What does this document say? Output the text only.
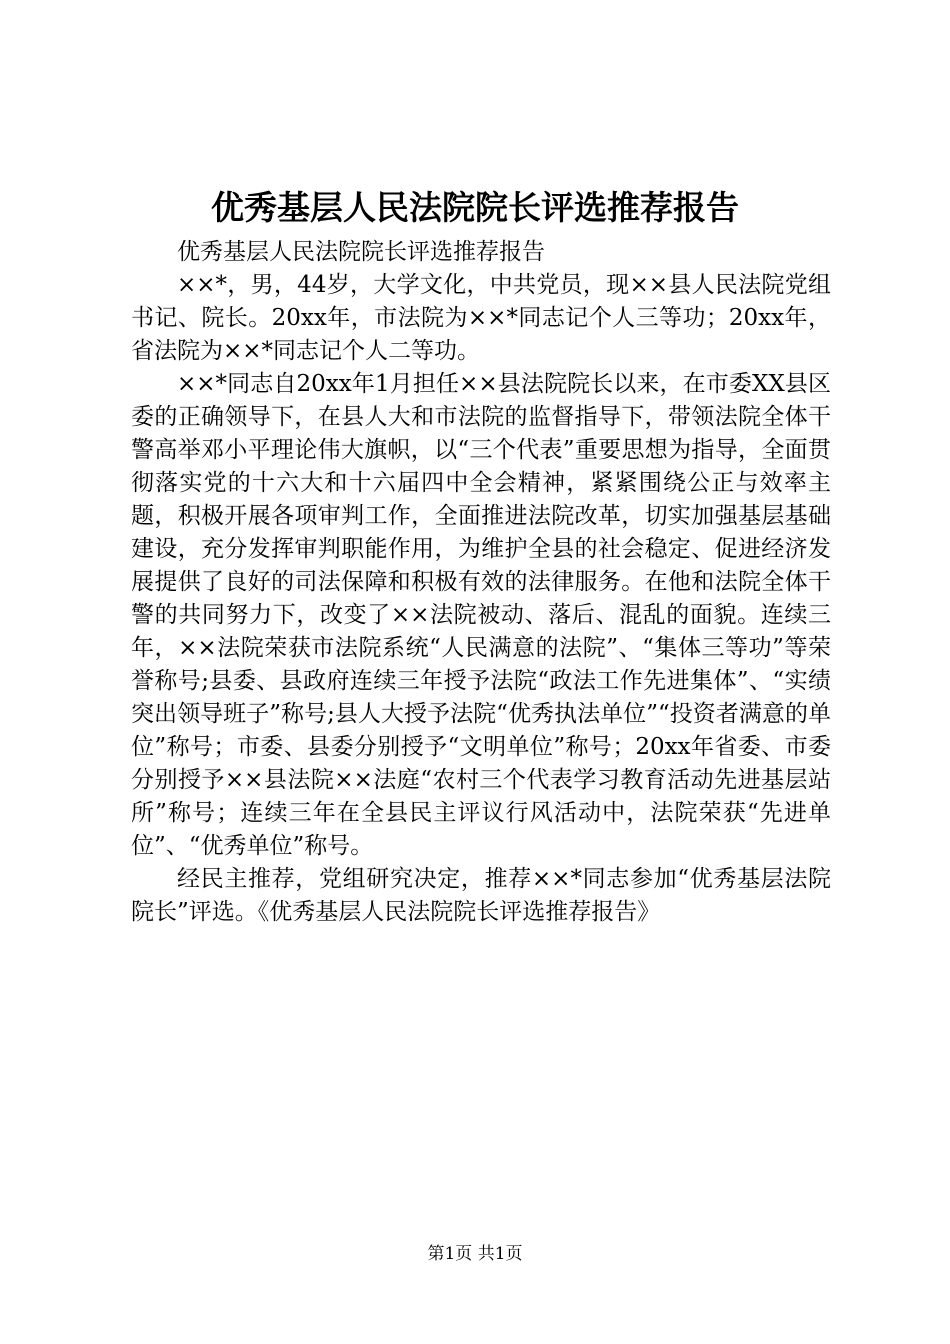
优秀基层人民法院院长评选推荐报告

优秀基层人民法院院长评选推荐报告

××*，男，44岁，大学文化，中共党员，现××县人民法院党组书记、院长。20xx年，市法院为××*同志记个人三等功；20xx年，省法院为××*同志记个人二等功。

××*同志自20xx年1月担任××县法院院长以来，在市委XX县区委的正确领导下，在县人大和市法院的监督指导下，带领法院全体干警高举邓小平理论伟大旗帜，以“三个代表”重要思想为指导，全面贯彻落实党的十六大和十六届四中全会精神，紧紧围绕公正与效率主题，积极开展各项审判工作，全面推进法院改革，切实加强基层基础建设，充分发挥审判职能作用，为维护全县的社会稳定、促进经济发展提供了良好的司法保障和积极有效的法律服务。在他和法院全体干警的共同努力下，改变了××法院被动、落后、混乱的面貌。连续三年，××法院荣获市法院系统“人民满意的法院”、“集体三等功”等荣誉称号;县委、县政府连续三年授予法院“政法工作先进集体”、“实绩突出领导班子”称号;县人大授予法院“优秀执法单位”“投资者满意的单位”称号；市委、县委分别授予“文明单位”称号；20xx年省委、市委分别授予××县法院××法庭“农村三个代表学习教育活动先进基层站所”称号；连续三年在全县民主评议行风活动中，法院荣获“先进单位”、“优秀单位”称号。

经民主推荐，党组研究决定，推荐××*同志参加“优秀基层法院院长”评选。《优秀基层人民法院院长评选推荐报告》

第1页 共1页
